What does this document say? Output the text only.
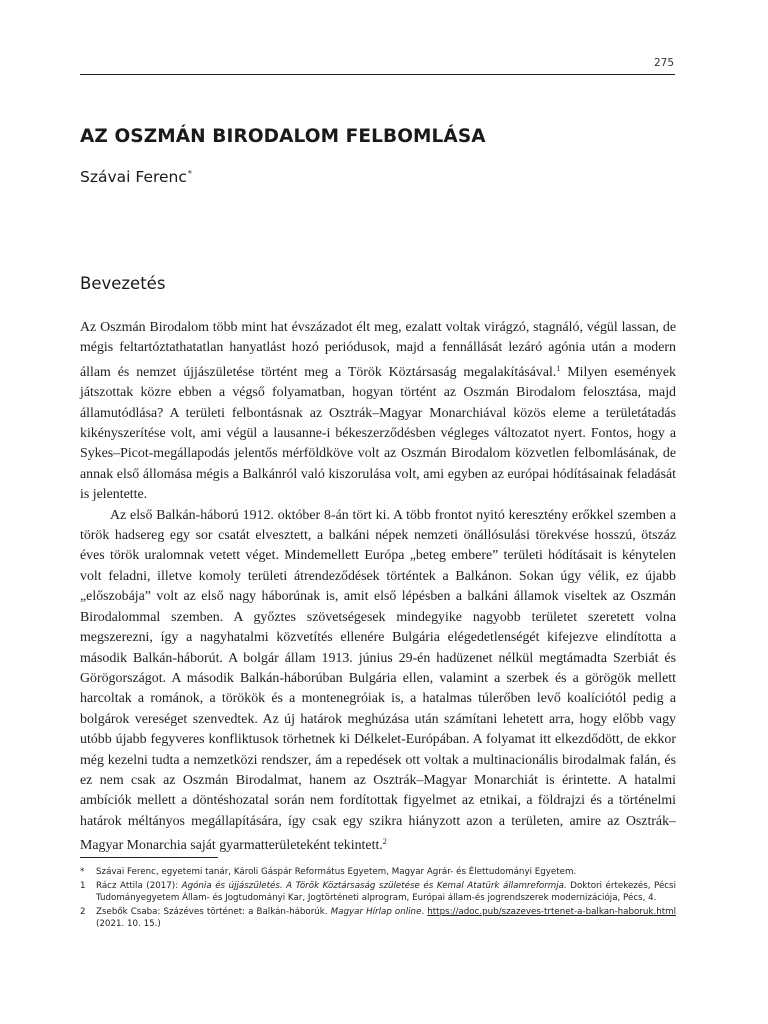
275
AZ OSZMÁN BIRODALOM FELBOMLÁSA
Szávai Ferenc*
Bevezetés

Az Oszmán Birodalom több mint hat évszázadot élt meg, ezalatt voltak virágzó, stagnáló, végül lassan, de mégis feltartóztathatatlan hanyatlást hozó periódusok, majd a fennállását lezáró agónia után a modern állam és nemzet újjászületése történt meg a Török Köztársaság megalakításával.$^1$ Milyen események játszottak közre ebben a végső folyamatban, hogyan történt az Oszmán Birodalom felosztása, majd államutódlása? A területi felbontásnak az Osztrák–Magyar Monarchiával közös eleme a területátadás kikényszerítése volt, ami végül a lausanne-i békeszerződésben végleges változatot nyert. Fontos, hogy a Sykes–Picot-megállapodás jelentős mérföldköve volt az Oszmán Birodalom közvetlen felbomlásának, de annak első állomása mégis a Balkánról való kiszorulása volt, ami egyben az európai hódításainak feladását is jelentette.

Az első Balkán-háború 1912. október 8-án tört ki. A több frontot nyitó keresztény erőkkel szemben a török hadsereg egy sor csatát elvesztett, a balkáni népek nemzeti önállósulási törekvése hosszú, ötszáz éves török uralomnak vetett véget. Mindemellett Európa „beteg embere” területi hódításait is kénytelen volt feladni, illetve komoly területi átrendeződések történtek a Balkánon. Sokan úgy vélik, ez újabb „előszobája” volt az első nagy háborúnak is, amit első lépésben a balkáni államok viseltek az Oszmán Birodalommal szemben. A győztes szövetségesek mindegyike nagyobb területet szeretett volna megszerezni, így a nagyhatalmi közvetítés ellenére Bulgária elégedetlenségét kifejezve elindította a második Balkán-háborút. A bolgár állam 1913. június 29-én hadüzenet nélkül megtámadta Szerbiát és Görögországot. A második Balkán-háborúban Bulgária ellen, valamint a szerbek és a görögök mellett harcoltak a románok, a törökök és a montenegróiak is, a hatalmas túlerőben levő koalíciótól pedig a bolgárok vereséget szenvedtek. Az új határok meghúzása után számítani lehetett arra, hogy előbb vagy utóbb újabb fegyveres konfliktusok törhetnek ki Délkelet-Európában. A folyamat itt elkezdődött, de ekkor még kezelni tudta a nemzetközi rendszer, ám a repedések ott voltak a multinacionális birodalmak falán, és ez nem csak az Oszmán Birodalmat, hanem az Osztrák–Magyar Monarchiát is érintette. A hatalmi ambíciók mellett a döntéshozatal során nem fordítottak figyelmet az etnikai, a földrajzi és a történelmi határok méltányos megállapítására, így csak egy szikra hiányzott azon a területen, amire az Osztrák–Magyar Monarchia saját gyarmatterületeként tekintett.$^2$

*	Szávai Ferenc, egyetemi tanár, Károli Gáspár Református Egyetem, Magyar Agrár- és Élettudományi Egyetem.
1	Rácz Attila (2017): Agónia és újjászületés. A Török Köztársaság születése és Kemal Atatürk államreformja. Doktori értekezés, Pécsi Tudományegyetem Állam- és Jogtudományi Kar, Jogtörténeti alprogram, Európai állam-és jogrendszerek modernizációja, Pécs, 4.
2	Zsebők Csaba: Százéves történet: a Balkán-háborúk. Magyar Hírlap online. https://adoc.pub/szazeves-trtenet-a-balkan-haboruk.html (2021. 10. 15.)
